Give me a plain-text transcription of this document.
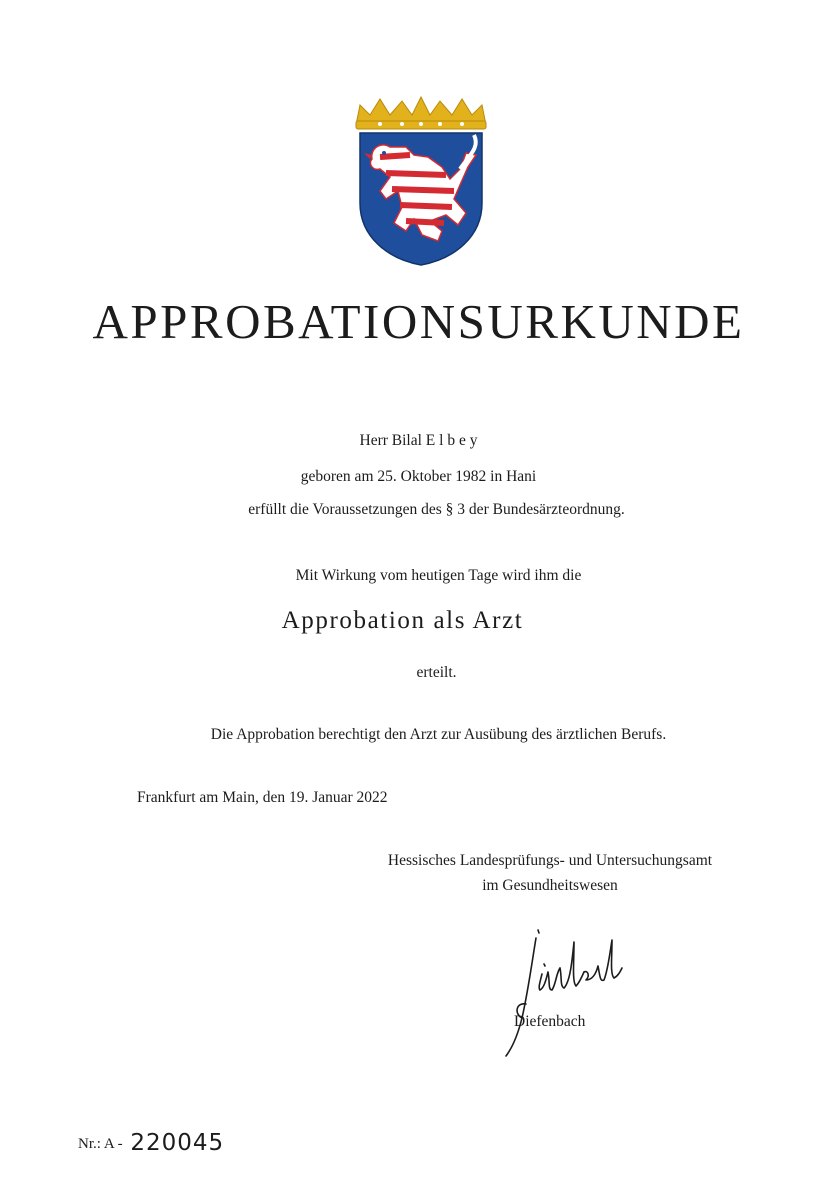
APPROBATIONSURKUNDE
Herr Bilal E l b e y
geboren am 25. Oktober 1982 in Hani
erfüllt die Voraussetzungen des § 3 der Bundesärzteordnung.
Mit Wirkung vom heutigen Tage wird ihm die
Approbation als Arzt
erteilt.
Die Approbation berechtigt den Arzt zur Ausübung des ärztlichen Berufs.
Frankfurt am Main, den 19. Januar 2022
Hessisches Landesprüfungs- und Untersuchungsamt
im Gesundheitswesen
Diefenbach
Nr.: A - 220045
